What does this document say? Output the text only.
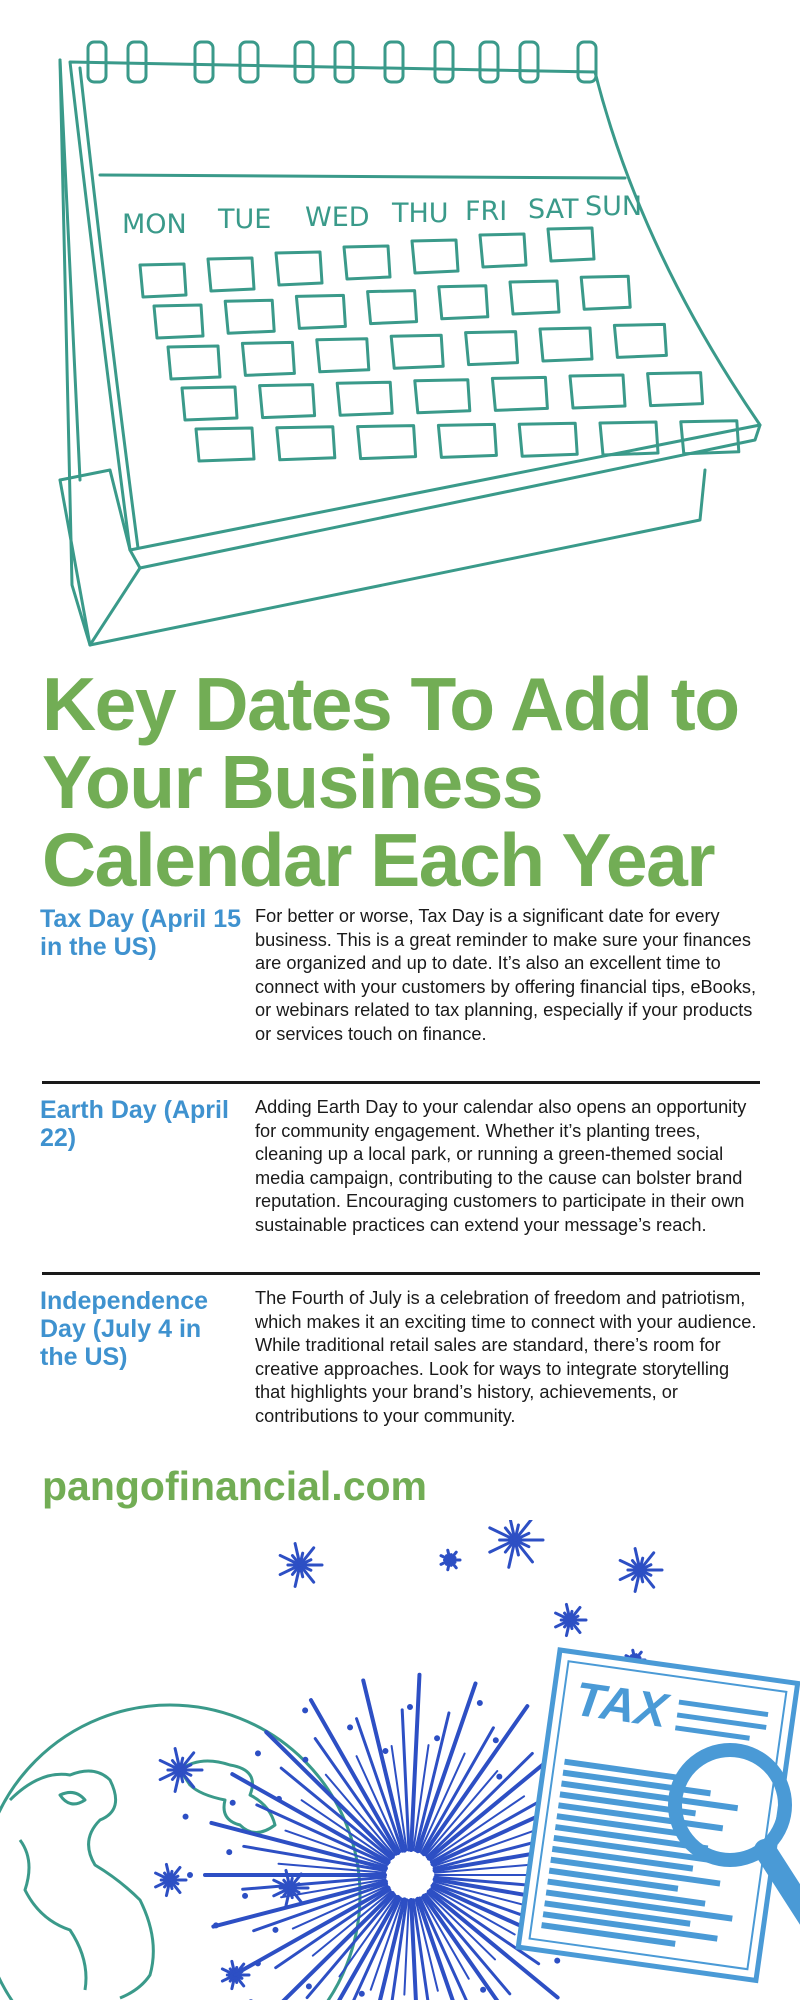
MON TUE WED THU FRI SAT SUN
Key Dates To Add to Your Business Calendar Each Year
Tax Day (April 15 in the US)
For better or worse, Tax Day is a significant date for every business. This is a great reminder to make sure your finances are organized and up to date. It’s also an excellent time to connect with your customers by offering financial tips, eBooks, or webinars related to tax planning, especially if your products or services touch on finance.
Earth Day (April 22)
Adding Earth Day to your calendar also opens an opportunity for community engagement. Whether it’s planting trees, cleaning up a local park, or running a green-themed social media campaign, contributing to the cause can bolster brand reputation. Encouraging customers to participate in their own sustainable practices can extend your message’s reach.
Independence Day (July 4 in the US)
The Fourth of July is a celebration of freedom and patriotism, which makes it an exciting time to connect with your audience. While traditional retail sales are standard, there’s room for creative approaches. Look for ways to integrate storytelling that highlights your brand’s history, achievements, or contributions to your community.
pangofinancial.com
TAX
